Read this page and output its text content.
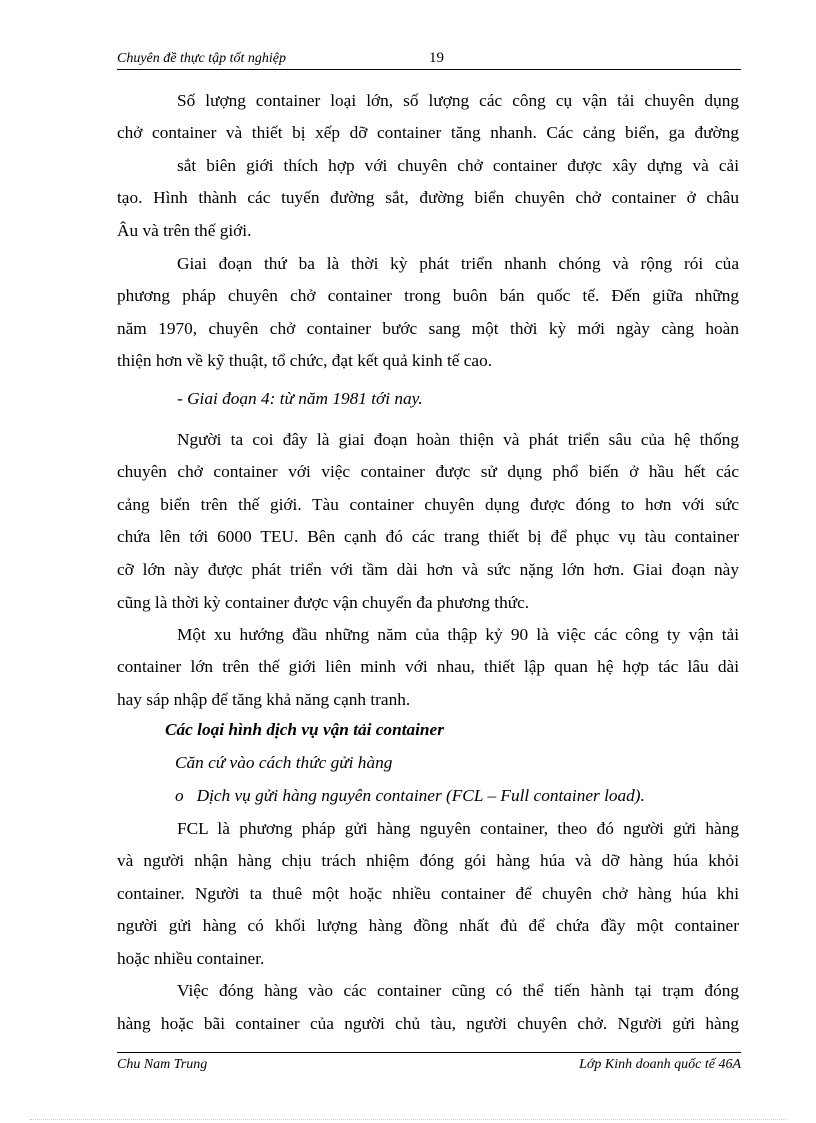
Chuyên đề thực tập tốt nghiệp	19
Số lượng container loại lớn, số lượng các công cụ vận tải chuyên dụng
chở container và thiết bị xếp dỡ container tăng nhanh. Các cảng biển, ga đường
sắt biên giới thích hợp với chuyên chở container được xây dựng và cải
tạo. Hình thành các tuyến đường sắt, đường biển chuyên chở container ở châu
Âu và trên thế giới.
Giai đoạn thứ ba là thời kỳ phát triển nhanh chóng và rộng rói của
phương pháp chuyên chở container trong buôn bán quốc tế. Đến giữa những
năm 1970, chuyên chở container bước sang một thời kỳ mới ngày càng hoàn
thiện hơn về kỹ thuật, tổ chức, đạt kết quả kinh tế cao.
- Giai đoạn 4: từ năm 1981 tới nay.
Người ta coi đây là giai đoạn hoàn thiện và phát triển sâu của hệ thống
chuyên chở container với việc container được sử dụng phổ biến ở hầu hết các
cảng biển trên thế giới. Tàu container chuyên dụng được đóng to hơn với sức
chứa lên tới 6000 TEU. Bên cạnh đó các trang thiết bị để phục vụ tàu container
cỡ lớn này được phát triển với tầm dài hơn và sức nặng lớn hơn. Giai đoạn này
cũng là thời kỳ container được vận chuyển đa phương thức.
Một xu hướng đầu những năm của thập kỷ 90 là việc các công ty vận tải
container lớn trên thế giới liên minh với nhau, thiết lập quan hệ hợp tác lâu dài
hay sáp nhập để tăng khả năng cạnh tranh.
Các loại hình dịch vụ vận tải container
Căn cứ vào cách thức gửi hàng
o   Dịch vụ gửi hàng nguyên container (FCL – Full container load).
FCL là phương pháp gửi hàng nguyên container, theo đó người gửi hàng
và người nhận hàng chịu trách nhiệm đóng gói hàng húa và dỡ hàng húa khỏi
container. Người ta thuê một hoặc nhiều container để chuyên chở hàng húa khi
người gửi hàng có khối lượng hàng đồng nhất đủ để chứa đầy một container
hoặc nhiều container.
Việc đóng hàng vào các container cũng có thể tiến hành tại trạm đóng
hàng hoặc bãi container của người chủ tàu, người chuyên chở. Người gửi hàng
Chu Nam Trung	Lớp Kinh doanh quốc tế 46A
